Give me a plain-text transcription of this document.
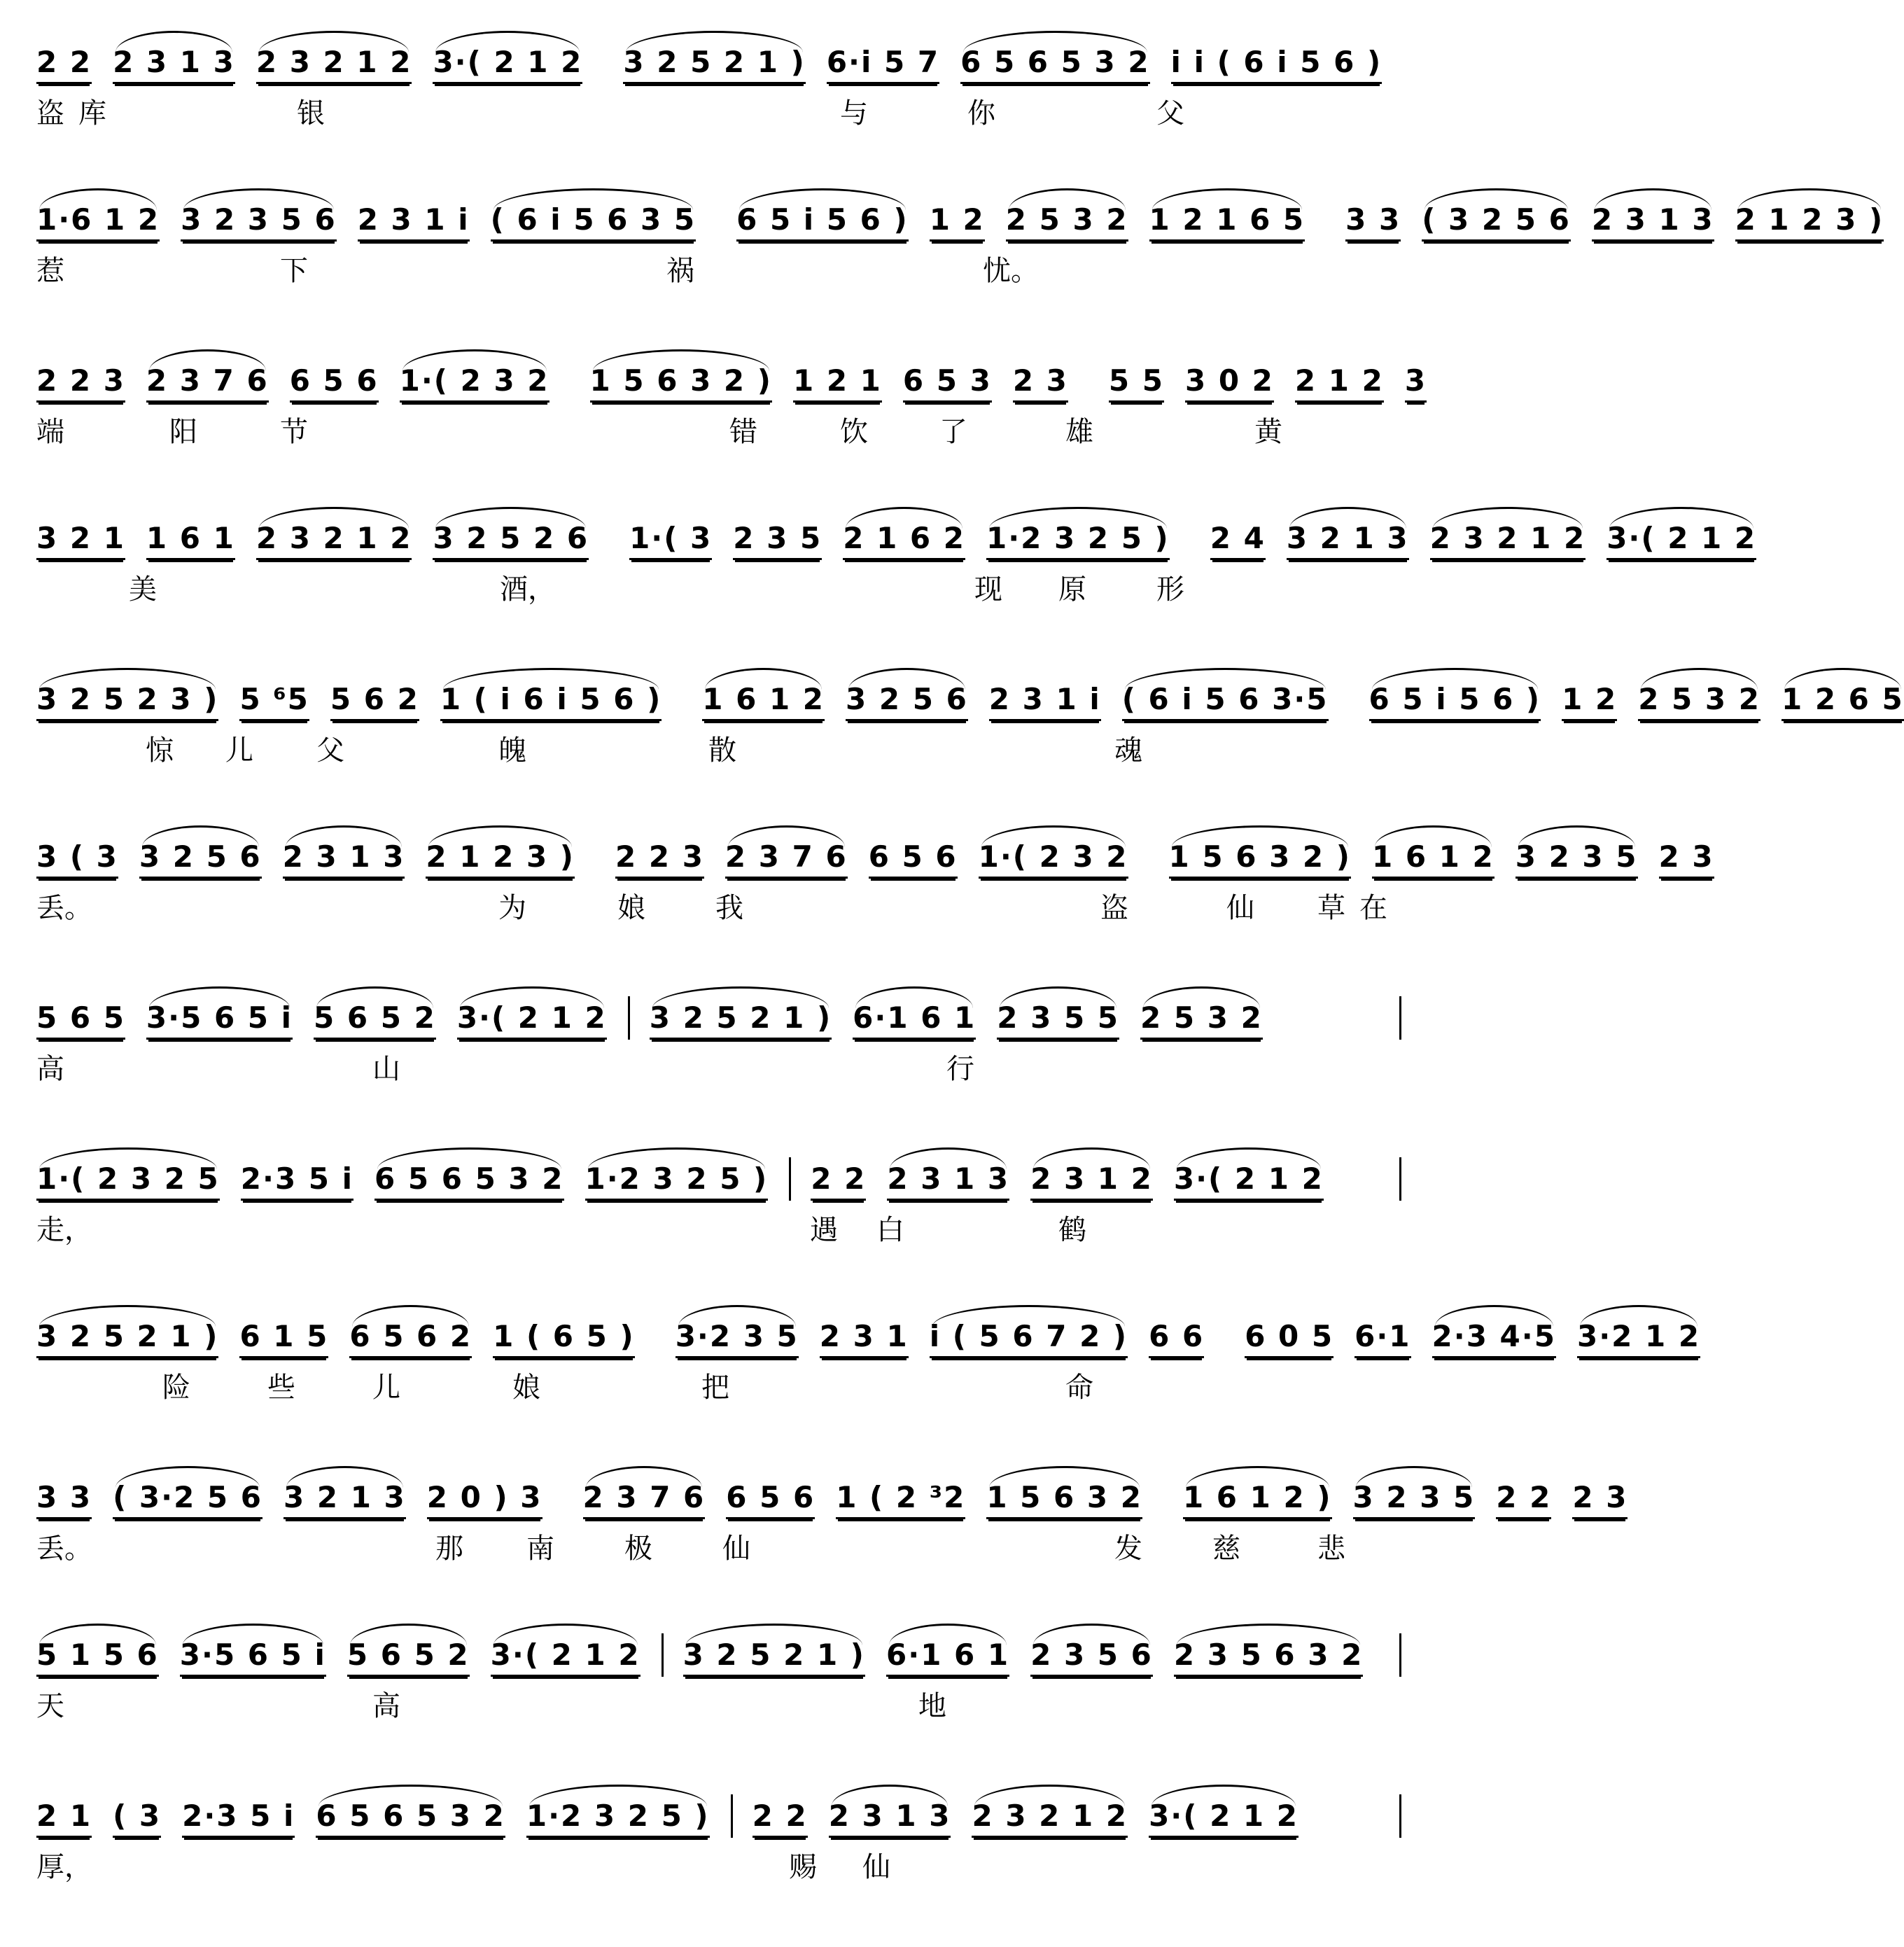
2 2 2 3 1 3 2 3 2 1 2 3·( 2 1 2 3 2 5 2 1 ) 6·i 5 7 6 5 6 5 3 2 i i ( 6 i 5 6 )
盗 库	银	与	你	父
1·6 1 2 3 2 3 5 6 2 3 1 i ( 6 i 5 6 3 5 6 5 i 5 6 ) 1 2 2 5 3 2 1 2 1 6 5 3 3 ( 3 2 5 6 2 3 1 3 2 1 2 3 )
惹	下	祸	忧。
2 2 3 2 3 7 6 6 5 6 1·( 2 3 2 1 5 6 3 2 ) 1 2 1 6 5 3 2 3 5 5 3 0 2 2 1 2 3
端	阳	节	错	饮	了	雄	黄
3 2 1 1 6 1 2 3 2 1 2 3 2 5 2 6 1·( 3 2 3 5 2 1 6 2 1·2 3 2 5 ) 2 4 3 2 1 3 2 3 2 1 2 3·( 2 1 2
美	酒，	现 原	形
3 2 5 2 3 ) 5 ⁶5 5 6 2 1 ( i 6 i 5 6 ) 1 6 1 2 3 2 5 6 2 3 1 i ( 6 i 5 6 3·5 6 5 i 5 6 ) 1 2 2 5 3 2 1 2 6 5
惊 儿 父	魄	散	魂
3 ( 3 3 2 5 6 2 3 1 3 2 1 2 3 ) 2 2 3 2 3 7 6 6 5 6 1·( 2 3 2 1 5 6 3 2 ) 1 6 1 2 3 2 3 5 2 3
丢。	为	娘	我	盗	仙 草 在
5 6 5 3·5 6 5 i 5 6 5 2 3·( 2 1 2 3 2 5 2 1 ) 6·1 6 1 2 3 5 5 2 5 3 2
高	山	行
1·( 2 3 2 5 2·3 5 i 6 5 6 5 3 2 1·2 3 2 5 ) 2 2 2 3 1 3 2 3 1 2 3·( 2 1 2
走，	遇 白	鹤
3 2 5 2 1 ) 6 1 5 6 5 6 2 1 ( 6 5 ) 3·2 3 5 2 3 1 i ( 5 6 7 2 ) 6 6 6 0 5 6·1 2·3 4·5 3·2 1 2
险	些	儿	娘	把	命
3 3 ( 3·2 5 6 3 2 1 3 2 0 ) 3 2 3 7 6 6 5 6 1 ( 2 ³2 1 5 6 3 2 1 6 1 2 ) 3 2 3 5 2 2 2 3
丢。	那 南	极	仙	发	慈	悲
5 1 5 6 3·5 6 5 i 5 6 5 2 3·( 2 1 2 3 2 5 2 1 ) 6·1 6 1 2 3 5 6 2 3 5 6 3 2
天	高	地
2 1 ( 3 2·3 5 i 6 5 6 5 3 2 1·2 3 2 5 ) 2 2 2 3 1 3 2 3 2 1 2 3·( 2 1 2
厚，	赐 仙
